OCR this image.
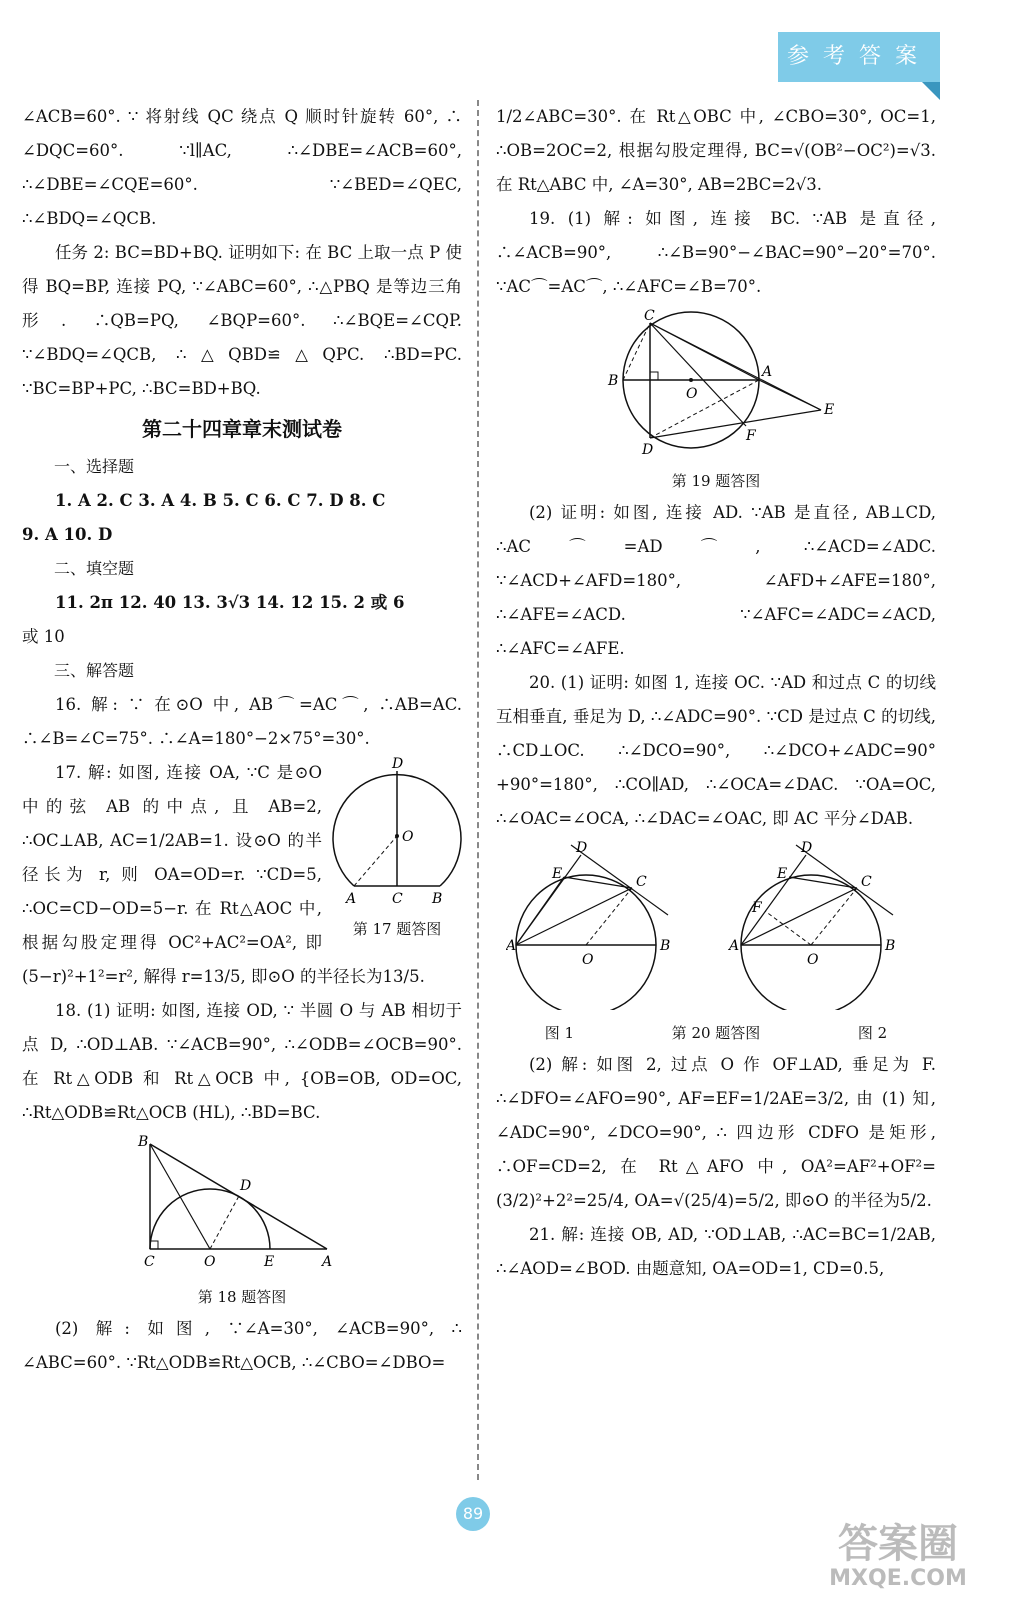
参考答案

∠ACB=60°. ∵ 将射线 QC 绕点 Q 顺时针旋转 60°, ∴ ∠DQC=60°. ∵l∥AC, ∴∠DBE=∠ACB=60°, ∴∠DBE=∠CQE=60°. ∵∠BED=∠QEC, ∴∠BDQ=∠QCB.

任务 2: BC=BD+BQ. 证明如下: 在 BC 上取一点 P 使得 BQ=BP, 连接 PQ, ∵∠ABC=60°, ∴△PBQ 是等边三角形. ∴QB=PQ, ∠BQP=60°. ∴∠BQE=∠CQP. ∵∠BDQ=∠QCB, ∴△QBD≌△QPC. ∴BD=PC. ∵BC=BP+PC, ∴BC=BD+BQ.

第二十四章章末测试卷

一、选择题

1. A 2. C 3. A 4. B 5. C 6. C 7. D 8. C

9. A 10. D

二、填空题

11. 2π 12. 40 13. 3√3 14. 12 15. 2 或 6

或 10

三、解答题

16. 解: ∵ 在⊙O 中, AB⌒=AC⌒, ∴AB=AC. ∴∠B=∠C=75°. ∴∠A=180°−2×75°=30°.

D
O
A	C B
第 17 题答图

17. 解: 如图, 连接 OA, ∵C 是⊙O 中的弦 AB 的中点, 且 AB=2, ∴OC⊥AB, AC=1/2AB=1. 设⊙O 的半径长为 r, 则 OA=OD=r. ∵CD=5, ∴OC=CD−OD=5−r. 在 Rt△AOC 中, 根据勾股定理得 OC²+AC²=OA², 即(5−r)²+1²=r², 解得 r=13/5, 即⊙O 的半径长为13/5.

18. (1) 证明: 如图, 连接 OD, ∵ 半圆 O 与 AB 相切于点 D, ∴OD⊥AB. ∵∠ACB=90°, ∴∠ODB=∠OCB=90°. 在 Rt△ODB 和 Rt△OCB 中, {OB=OB, OD=OC, ∴Rt△ODB≌Rt△OCB (HL), ∴BD=BC.

B
D
C	O	E	A
第 18 题答图

(2) 解: 如图, ∵∠A=30°, ∠ACB=90°, ∴ ∠ABC=60°. ∵Rt△ODB≌Rt△OCB, ∴∠CBO=∠DBO=

1/2∠ABC=30°. 在 Rt△OBC 中, ∠CBO=30°, OC=1, ∴OB=2OC=2, 根据勾股定理得, BC=√(OB²−OC²)=√3. 在 Rt△ABC 中, ∠A=30°, AB=2BC=2√3.

19. (1) 解: 如图, 连接 BC. ∵AB 是直径, ∴∠ACB=90°, ∴∠B=90°−∠BAC=90°−20°=70°. ∵AC⌒=AC⌒, ∴∠AFC=∠B=70°.

C
B
O
A
E
F
D
第 19 题答图

(2) 证明: 如图, 连接 AD. ∵AB 是直径, AB⊥CD, ∴AC⌒=AD⌒, ∴∠ACD=∠ADC. ∵∠ACD+∠AFD=180°, ∠AFD+∠AFE=180°, ∴∠AFE=∠ACD. ∵∠AFC=∠ADC=∠ACD, ∴∠AFC=∠AFE.

20. (1) 证明: 如图 1, 连接 OC. ∵AD 和过点 C 的切线互相垂直, 垂足为 D, ∴∠ADC=90°. ∵CD 是过点 C 的切线, ∴CD⊥OC. ∴∠DCO=90°, ∴∠DCO+∠ADC=90°+90°=180°, ∴CO∥AD, ∴∠OCA=∠DAC. ∵OA=OC, ∴∠OAC=∠OCA, ∴∠DAC=∠OAC, 即 AC 平分∠DAB.

D
E	C
A
O
B
D
E
F
C
A
O
B
图 1	第 20 题答图	图 2

(2) 解: 如图 2, 过点 O 作 OF⊥AD, 垂足为 F. ∴∠DFO=∠AFO=90°, AF=EF=1/2AE=3/2, 由 (1) 知, ∠ADC=90°, ∠DCO=90°, ∴ 四边形 CDFO 是矩形, ∴OF=CD=2, 在 Rt△AFO 中, OA²=AF²+OF²=(3/2)²+2²=25/4, OA=√(25/4)=5/2, 即⊙O 的半径为5/2.

21. 解: 连接 OB, AD, ∵OD⊥AB, ∴AC=BC=1/2AB, ∴∠AOD=∠BOD. 由题意知, OA=OD=1, CD=0.5,

89
答案圈
MXQE.COM
